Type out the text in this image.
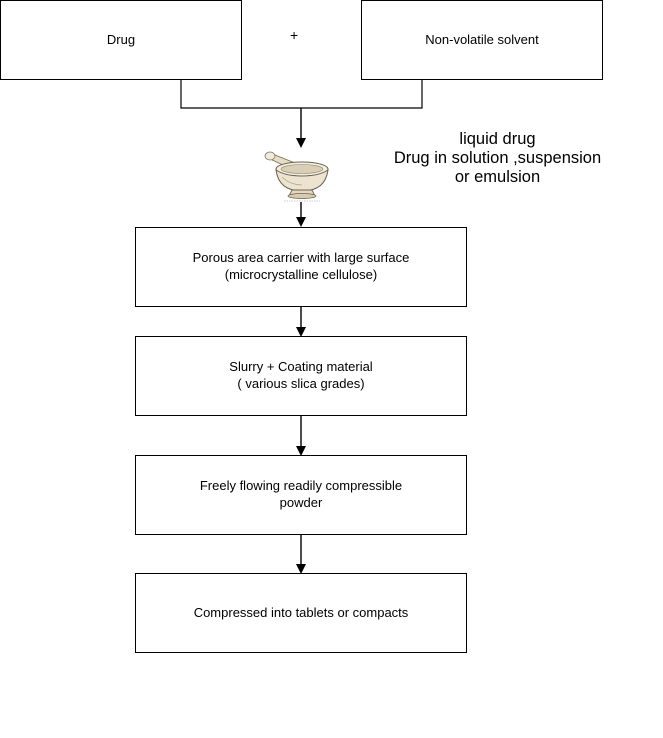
Drug	+	Non-volatile solvent
liquid drug
Drug in solution ,suspension
or emulsion
Porous area carrier with large surface
(microcrystalline cellulose)
Slurry + Coating material
( various slica grades)
Freely flowing readily compressible
powder
Compressed into tablets or compacts
